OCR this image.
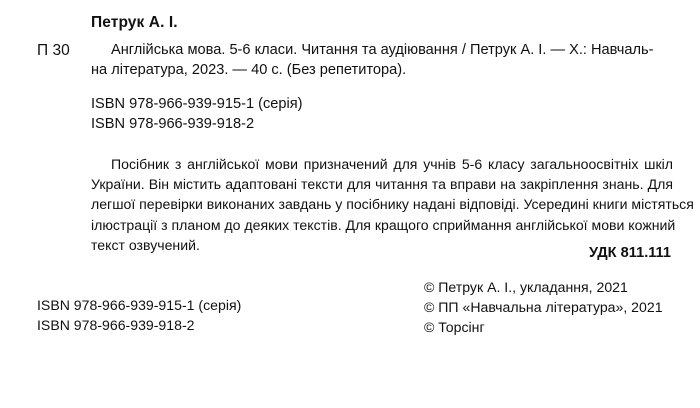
Петрук А. І.
П 30	Англійська мова. 5-6 класи. Читання та аудіювання / Петрук А. І. — Х.: Навчаль-
на література, 2023. — 40 с. (Без репетитора).
ISBN 978-966-939-915-1 (серія)
ISBN 978-966-939-918-2
Посібник з англійської мови призначений для учнів 5-6 класу загальноосвітніх шкіл
України. Він містить адаптовані тексти для читання та вправи на закріплення знань. Для
легшої перевірки виконаних завдань у посібнику надані відповіді. Усередині книги містяться
ілюстрації з планом до деяких текстів. Для кращого сприймання англійської мови кожний
текст озвучений.
УДК 811.111
© Петрук А. І., укладання, 2021
© ПП «Навчальна література», 2021
© Торсінг
ISBN 978-966-939-915-1 (серія)
ISBN 978-966-939-918-2
